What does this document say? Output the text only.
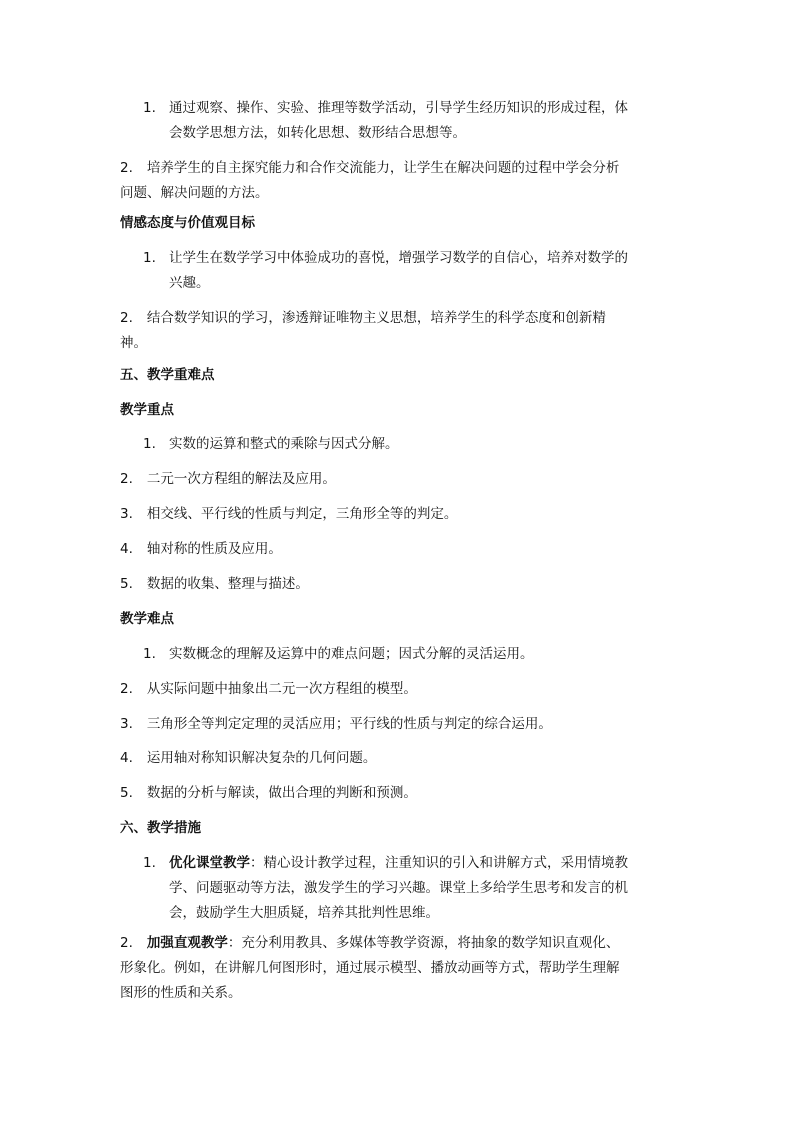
1. 通过观察、操作、实验、推理等数学活动，引导学生经历知识的形成过程，体
会数学思想方法，如转化思想、数形结合思想等。
2. 培养学生的自主探究能力和合作交流能力，让学生在解决问题的过程中学会分析
问题、解决问题的方法。
情感态度与价值观目标
1. 让学生在数学学习中体验成功的喜悦，增强学习数学的自信心，培养对数学的
兴趣。
2. 结合数学知识的学习，渗透辩证唯物主义思想，培养学生的科学态度和创新精
神。
五、教学重难点
教学重点
1. 实数的运算和整式的乘除与因式分解。
2. 二元一次方程组的解法及应用。
3. 相交线、平行线的性质与判定，三角形全等的判定。
4. 轴对称的性质及应用。
5. 数据的收集、整理与描述。
教学难点
1. 实数概念的理解及运算中的难点问题；因式分解的灵活运用。
2. 从实际问题中抽象出二元一次方程组的模型。
3. 三角形全等判定定理的灵活应用；平行线的性质与判定的综合运用。
4. 运用轴对称知识解决复杂的几何问题。
5. 数据的分析与解读，做出合理的判断和预测。
六、教学措施
1. 优化课堂教学：精心设计教学过程，注重知识的引入和讲解方式，采用情境教
学、问题驱动等方法，激发学生的学习兴趣。课堂上多给学生思考和发言的机
会，鼓励学生大胆质疑，培养其批判性思维。
2. 加强直观教学：充分利用教具、多媒体等教学资源，将抽象的数学知识直观化、
形象化。例如，在讲解几何图形时，通过展示模型、播放动画等方式，帮助学生理解
图形的性质和关系。
